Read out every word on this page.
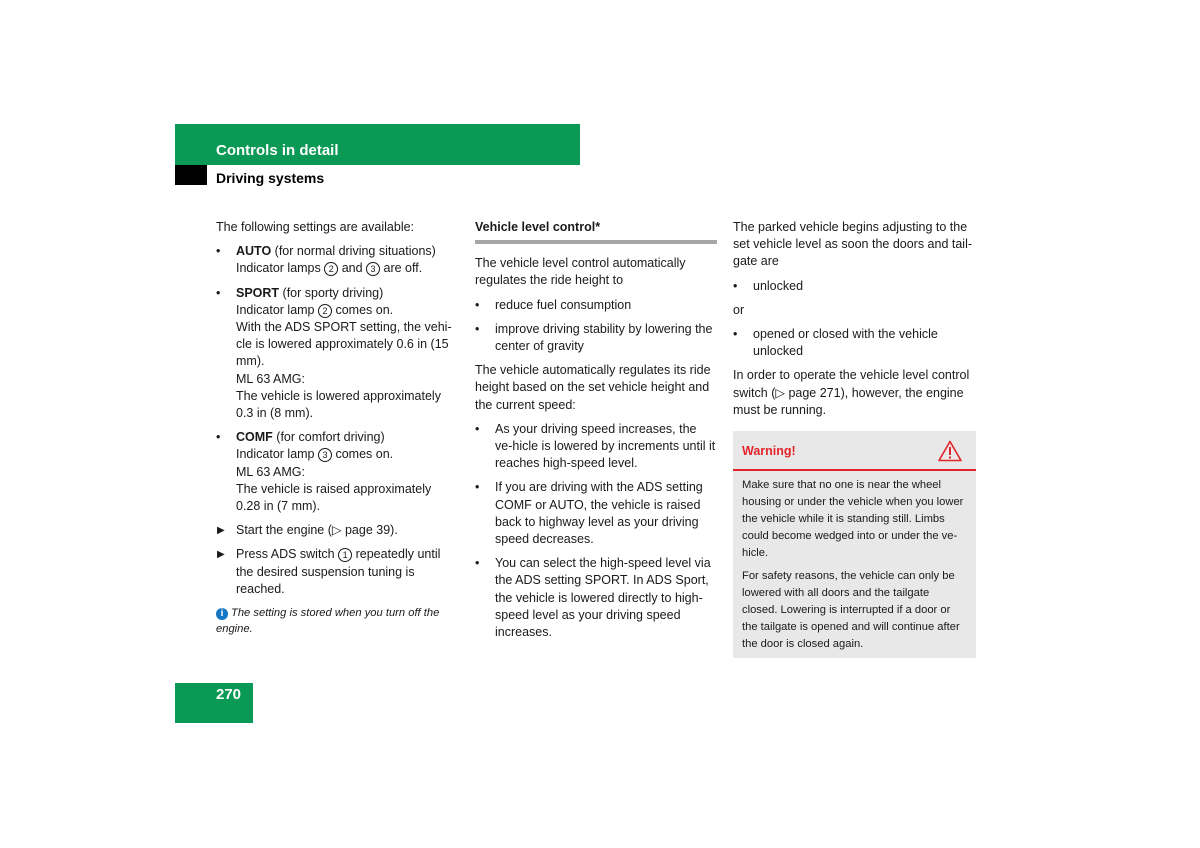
Controls in detail
Driving systems

The following settings are available:

• AUTO (for normal driving situations)
Indicator lamps 2 and 3 are off.
• SPORT (for sporty driving)
Indicator lamp 2 comes on.
With the ADS SPORT setting, the vehi-cle is lowered approximately 0.6 in (15 mm).
ML 63 AMG:
The vehicle is lowered approximately 0.3 in (8 mm).
• COMF (for comfort driving)
Indicator lamp 3 comes on.
ML 63 AMG:
The vehicle is raised approximately 0.28 in (7 mm).
▶ Start the engine (▷ page 39).
▶ Press ADS switch 1 repeatedly until the desired suspension tuning is reached.
i The setting is stored when you turn off the engine.
Vehicle level control*

The vehicle level control automatically regulates the ride height to

• reduce fuel consumption
• improve driving stability by lowering the center of gravity

The vehicle automatically regulates its ride height based on the set vehicle height and the current speed:

• As your driving speed increases, the ve-hicle is lowered by increments until it reaches high-speed level.
• If you are driving with the ADS setting COMF or AUTO, the vehicle is raised back to highway level as your driving speed decreases.
• You can select the high-speed level via the ADS setting SPORT. In ADS Sport, the vehicle is lowered directly to high-speed level as your driving speed increases.

The parked vehicle begins adjusting to the set vehicle level as soon the doors and tail-gate are

• unlocked

or

• opened or closed with the vehicle unlocked

In order to operate the vehicle level control switch (▷ page 271), however, the engine must be running.

Warning!

Make sure that no one is near the wheel housing or under the vehicle when you lower the vehicle while it is standing still. Limbs could become wedged into or under the ve-hicle.

For safety reasons, the vehicle can only be lowered with all doors and the tailgate closed. Lowering is interrupted if a door or the tailgate is opened and will continue after the door is closed again.

270
